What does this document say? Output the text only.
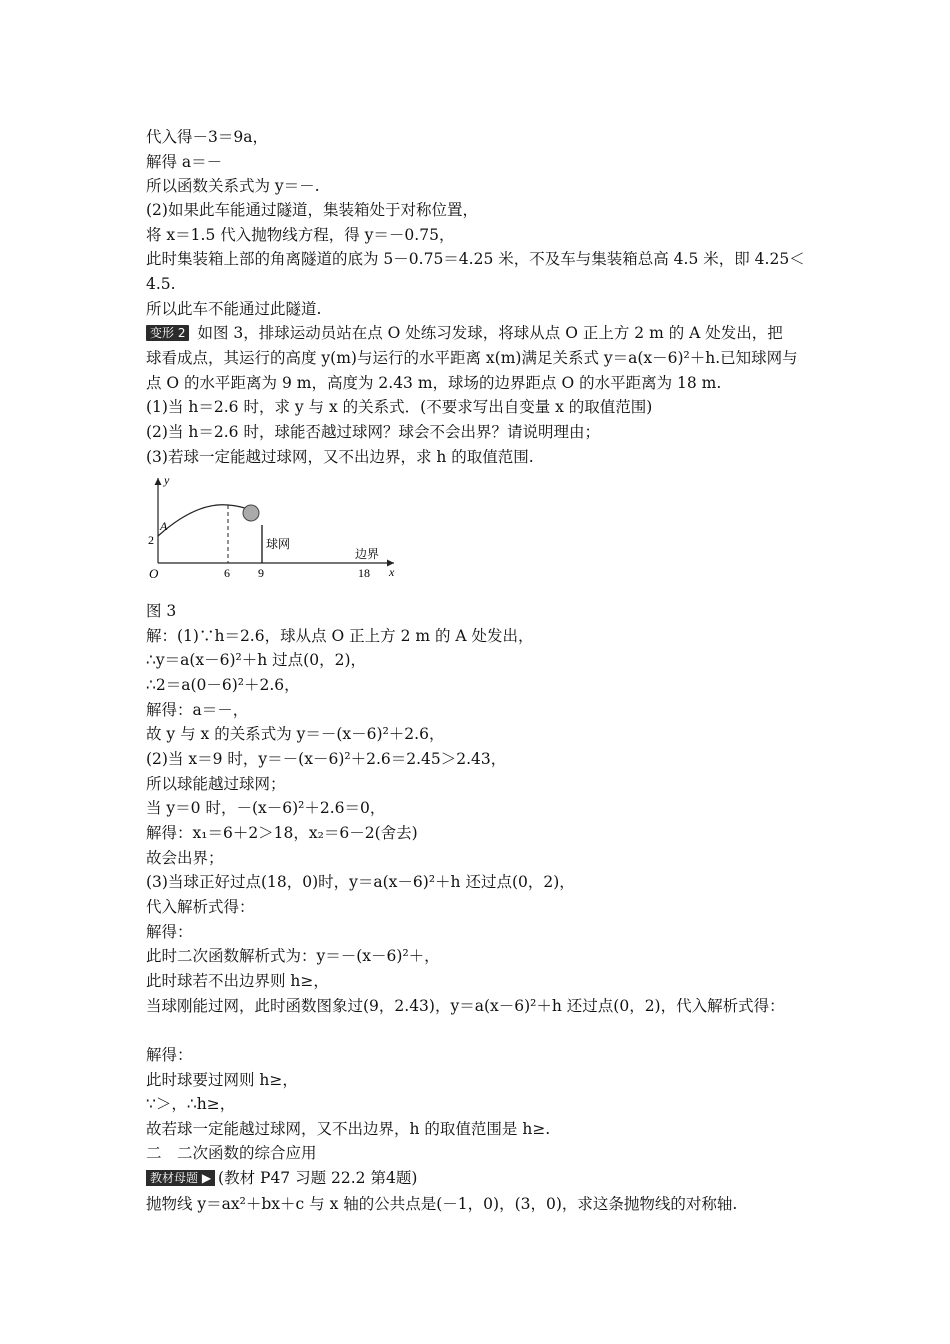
代入得－3＝9a，
解得 a＝－
所以函数关系式为 y＝－.
(2)如果此车能通过隧道，集装箱处于对称位置，
将 x＝1.5 代入抛物线方程，得 y＝－0.75，
此时集装箱上部的角离隧道的底为 5－0.75＝4.25 米，不及车与集装箱总高 4.5 米，即 4.25＜
4.5.
所以此车不能通过此隧道.
变形 2 如图 3，排球运动员站在点 O 处练习发球，将球从点 O 正上方 2 m 的 A 处发出，把
球看成点，其运行的高度 y(m)与运行的水平距离 x(m)满足关系式 y＝a(x－6)²＋h.已知球网与
点 O 的水平距离为 9 m，高度为 2.43 m，球场的边界距点 O 的水平距离为 18 m.
(1)当 h＝2.6 时，求 y 与 x 的关系式．(不要求写出自变量 x 的取值范围)
(2)当 h＝2.6 时，球能否越过球网？球会不会出界？请说明理由；
(3)若球一定能越过球网，又不出边界，求 h 的取值范围.
y
x
O
A
2
6 9	18
球网
边界
图 3
解：(1)∵h＝2.6，球从点 O 正上方 2 m 的 A 处发出，
∴y＝a(x－6)²＋h 过点(0，2)，
∴2＝a(0－6)²＋2.6，
解得：a＝－，
故 y 与 x 的关系式为 y＝－(x－6)²＋2.6，
(2)当 x＝9 时，y＝－(x－6)²＋2.6＝2.45＞2.43，
所以球能越过球网；
当 y＝0 时，－(x－6)²＋2.6＝0，
解得：x₁＝6＋2＞18，x₂＝6－2(舍去)
故会出界；
(3)当球正好过点(18，0)时，y＝a(x－6)²＋h 还过点(0，2)，
代入解析式得：
解得：
此时二次函数解析式为：y＝－(x－6)²＋，
此时球若不出边界则 h≥，
当球刚能过网，此时函数图象过(9，2.43)，y＝a(x－6)²＋h 还过点(0，2)，代入解析式得：
解得：
此时球要过网则 h≥，
∵＞，∴h≥，
故若球一定能越过球网，又不出边界，h 的取值范围是 h≥.
二　二次函数的综合应用
教材母题 ▶ (教材 P47 习题 22.2 第4题)
抛物线 y＝ax²＋bx＋c 与 x 轴的公共点是(－1，0)，(3，0)，求这条抛物线的对称轴.
